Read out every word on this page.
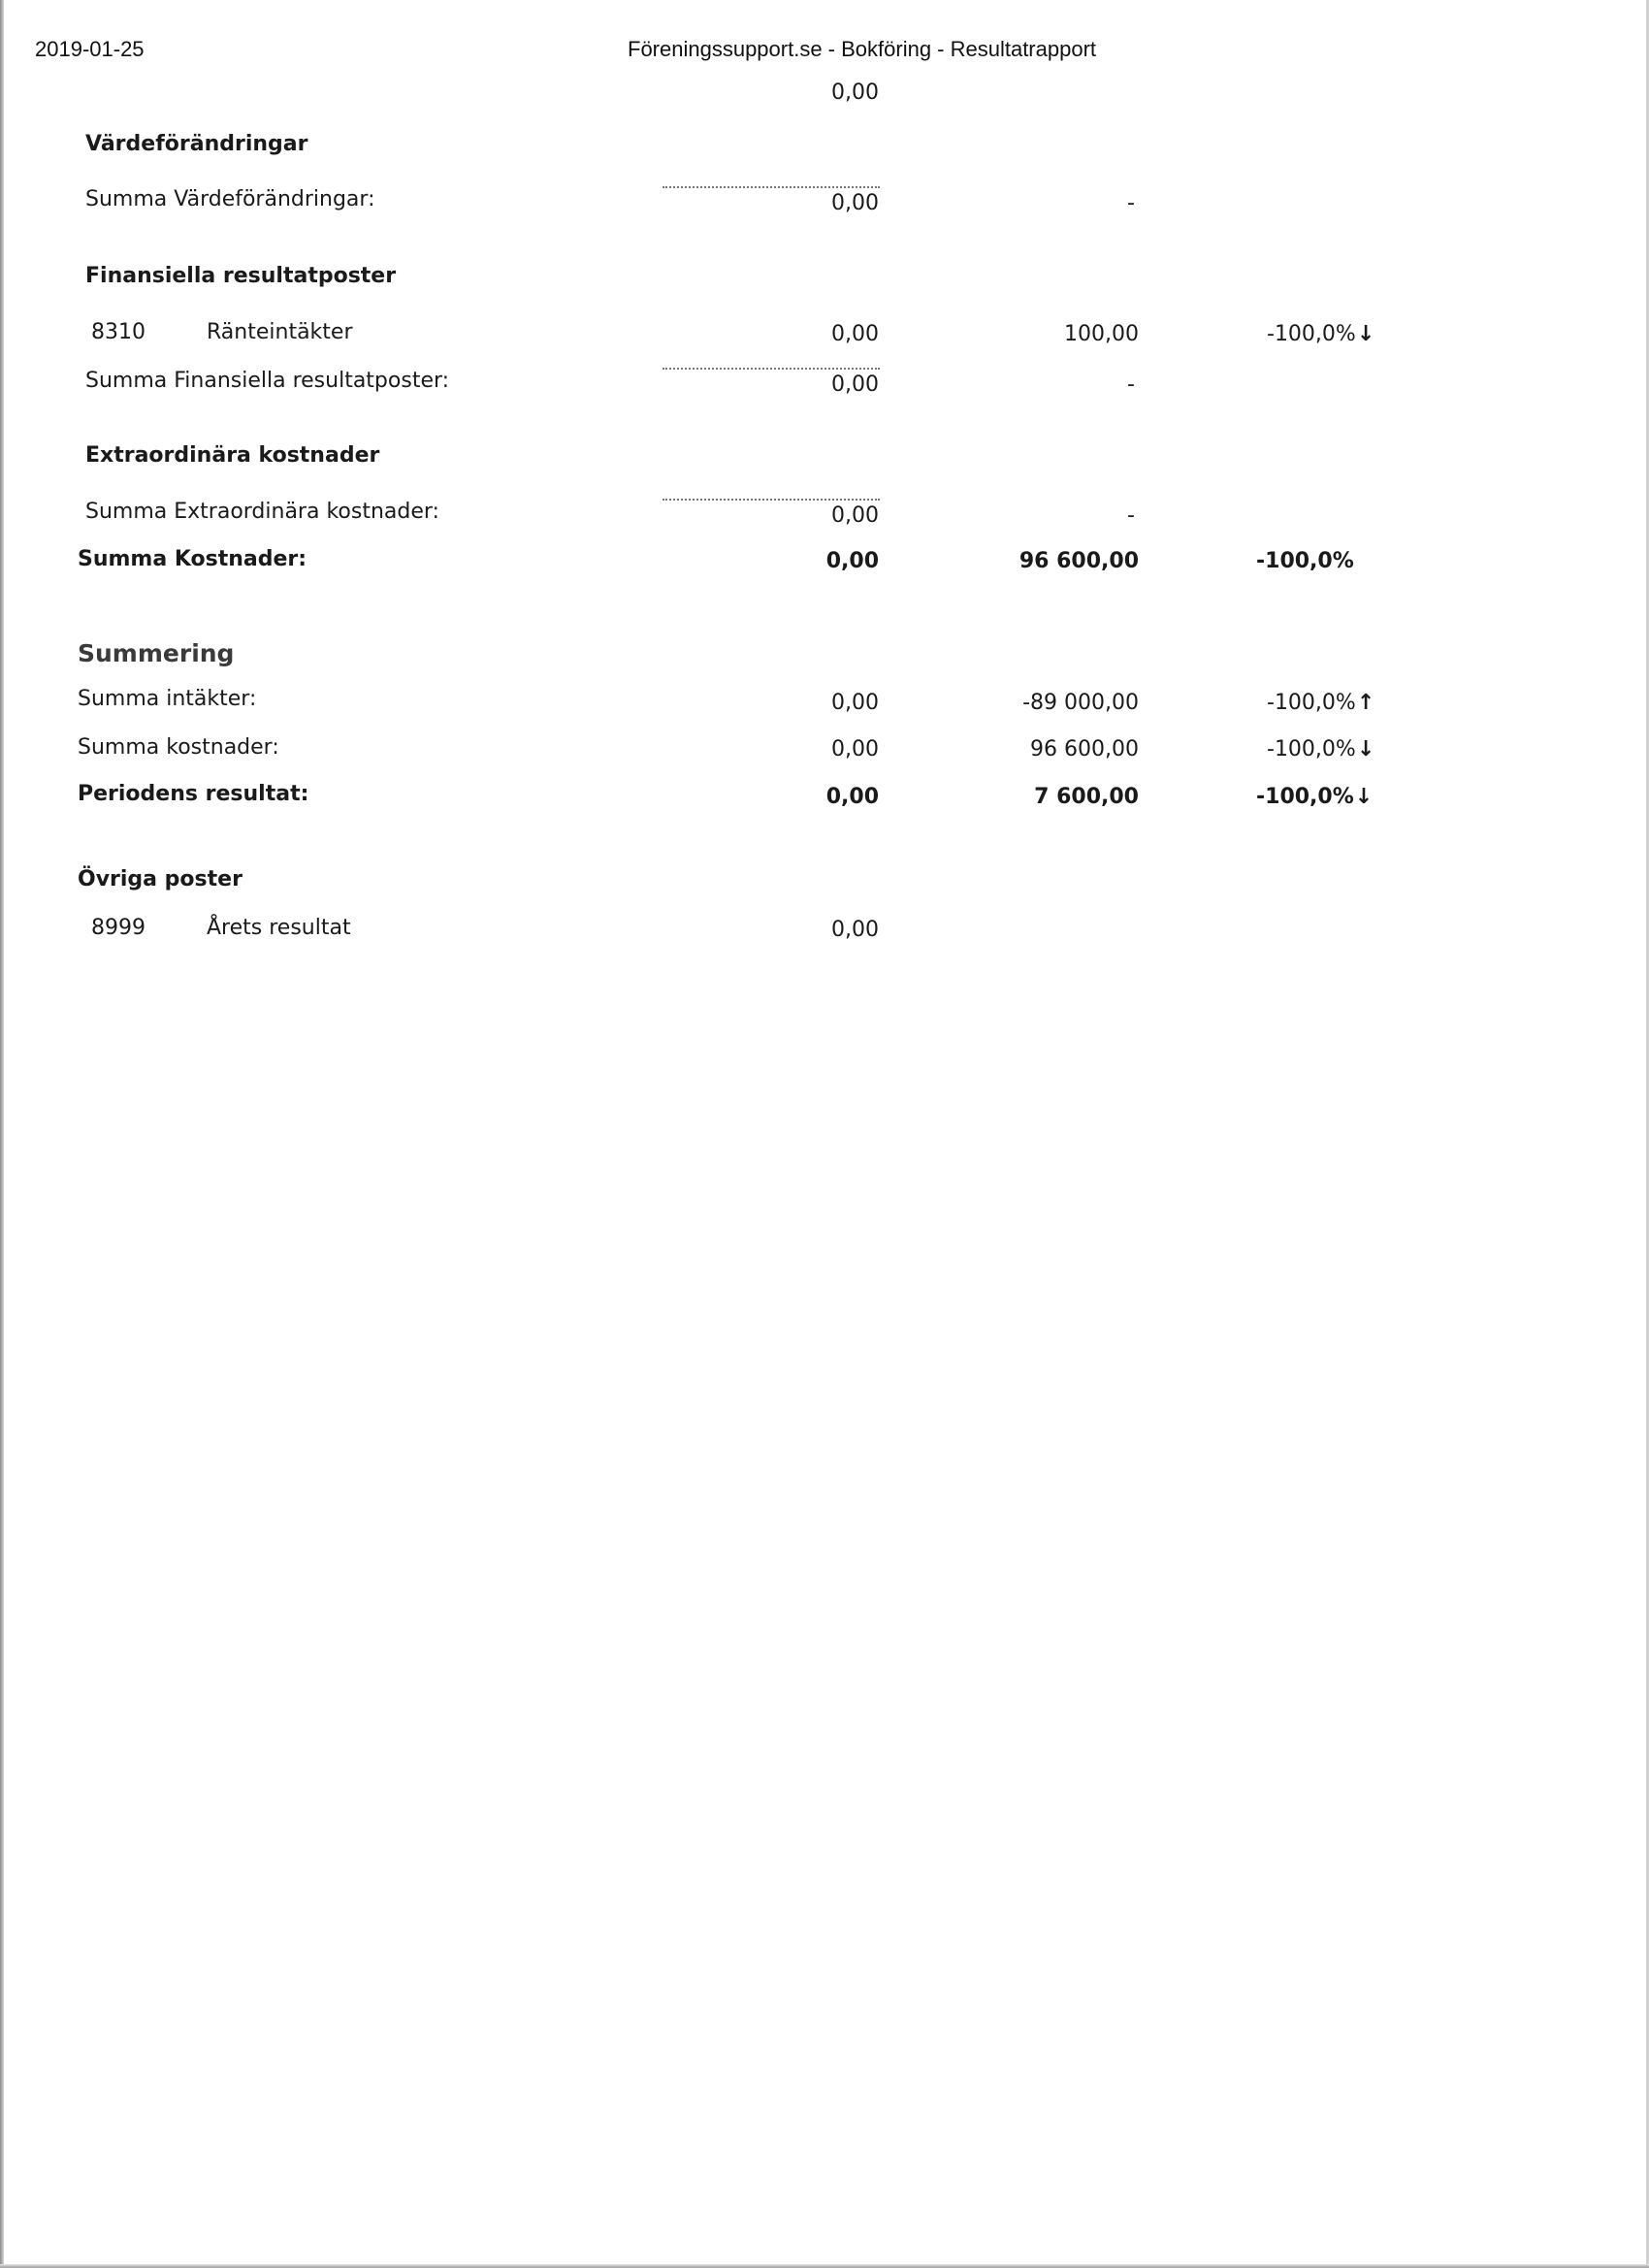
2019-01-25	Föreningssupport.se - Bokföring - Resultatrapport
0,00
Värdeförändringar
Summa Värdeförändringar:	0,00	-
Finansiella resultatposter
8310	Ränteintäkter	0,00	100,00	-100,0%↓
Summa Finansiella resultatposter:	0,00	-
Extraordinära kostnader
Summa Extraordinära kostnader:	0,00	-
Summa Kostnader:	0,00	96 600,00	-100,0%
Summering
Summa intäkter:	0,00	-89 000,00	-100,0%↑
Summa kostnader:	0,00	96 600,00	-100,0%↓
Periodens resultat:	0,00	7 600,00	-100,0%↓
Övriga poster
8999	Årets resultat	0,00
